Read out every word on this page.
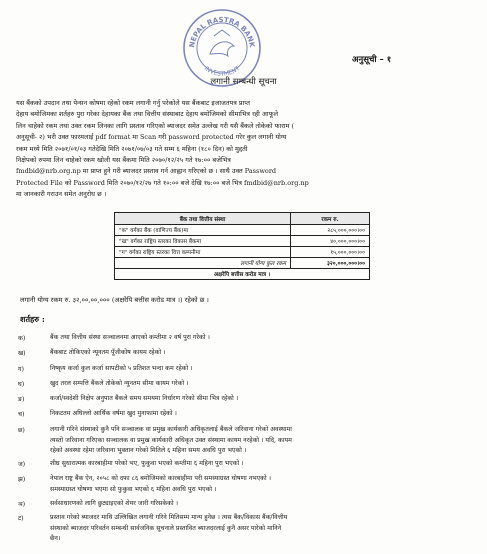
NEPAL RASTRA BANK
INVESTMENT
अनुसूची – १
लगानी सम्बन्धी सूचना
यस बैंकको उपदान तथा पेन्सन कोषमा रहेको रकम लगानी गर्नु परेकोले यस बैंकबाट इजाजतपत्र प्राप्त
देहाय बमोजिमका शर्तहरु पुरा गरेका देहायका बैंक तथा वित्तीय संस्थाबाट देहाय बमोजिमको सीमाभित्र रही आफूले
लिन चाहेको रकम तथा उक्त रकम लिनका लागि प्रस्ताव गरिएको ब्याजदर समेत उल्लेख गरी यसै बैंकले तोकेको फाराम (
अनुसूची- २) भरी उक्त फारमलाई pdf format मा Scan गरी password protected गरेर कुल लगानी योग्य
रकम मध्ये मिति २०७१/०१/०३ गतेदेखि मिति २०७१/०७/०३ गते सम्म ६ महिना (१८० दिन) को मुद्दती
निक्षेपको रुपमा लिन चाहेको रकम खोली यस बैंकमा मिति २०७०/१२/२५ गते १७:०० बजेभित्र
fmdbid@nrb.org.np मा प्राप्त हुने गरी ब्याजदर प्रस्ताव गर्न आह्वान गरिएको छ । साथै उक्त Password
Protected File को Password मिति २०७०/१२/२७ गते १०:०० बजे देखि १७:०० बजे भित्र fmdbid@nrb.org.np
मा जानकारी गराउन समेत अनुरोध छ ।
बैंक तथा वित्तीय संस्था	रकम रु.
"क" वर्गका बैंक (वाणिज्य बैंक)मा	२८५,०००,०००।००
"ख" वर्गका राष्ट्रिय स्तरका विकास बैंकमा	४०,०००,०००।००
"ग" वर्गका राष्ट्रिय स्तरका वित्त कम्पनीमा	१५,०००,०००।००
लगानी योग्य कुल रकम	३२०,०००,०००।००
अक्षरेपि बत्तीस करोड मात्र ।	
लगानी योग्य रकम रु. ३२,००,००,००० (अक्षरेपि बत्तीस करोड मात्र ।) रहेको छ ।
शर्तहरु :
क)	बैंक तथा वित्तीय संस्था सञ्चालनमा आएको कम्तीमा २ वर्ष पुरा गरेको ।
ख)	बैंकबाट तोकिएको न्यूनतम पूँजीकोष कायम रहेको ।
ग)	निष्कृय कर्जा कुल कर्जा सापटीको ५ प्रतिशत भन्दा कम रहेको ।
घ)	खुद तरल सम्पत्ति बैंकले तोकेको न्युनतम सीमा कायम गरेको ।
ङ)	कर्जा/स्वदेशी निक्षेप अनुपात बैंकले समय समयमा निर्धारण गरेको सीमा भित्र रहेको ।
च)	निकटतम अघिल्लो आर्थिक वर्षमा खुद मुनाफामा रहेको ।
छ)	लगानी गरिने संस्थाको कुनै पनि सञ्चालक वा प्रमुख कार्यकारी अधिकृतलाई बैंकले जरिवाना गरेको अवस्थामा
त्यस्तो जरिवाना गरिएका सञ्चालक वा प्रमुख कार्यकारी अधिकृत उक्त संस्थामा कायम नरहेको । यदि, कायम
रहेको अवस्था रहेमा जरिवाना भुक्तान गरेको मितिले ६ महिना समय अवधि पुरा भएको ।
ज)	शीघ्र सुधारात्मक कारबाहीमा परेको भए, फुकुवा भएको कम्तीमा ६ महिना पुरा भएको ।
झ)	नेपाल राष्ट्र बैंक ऐन, २०५८ को दफा ८६ बमोजिमको कारबाहीमा परी समस्याग्रस्त घोषणा नभएको ।
समस्याग्रस्त घोषणा भएमा सो फुकुवा भएको ६ महिना अवधि पुरा भएको ।
ञ)	सर्वसाधारणको लागि छुट्याइएको शेयर जारी गरिसकेको ।
ट)	प्रस्ताव गरेको ब्याजदर माथि उल्लिखित लगानी गरिने मितिसम्म मान्य हुनेछ । त्यस बैंक/विकास बैंक/वित्तीय
संस्थाको ब्याजदर परिवर्तन सम्बन्धी सार्वजनिक सूचनाले प्रस्तावित ब्याजदरलाई कुनै असर पारेको मानिने
छैन।
